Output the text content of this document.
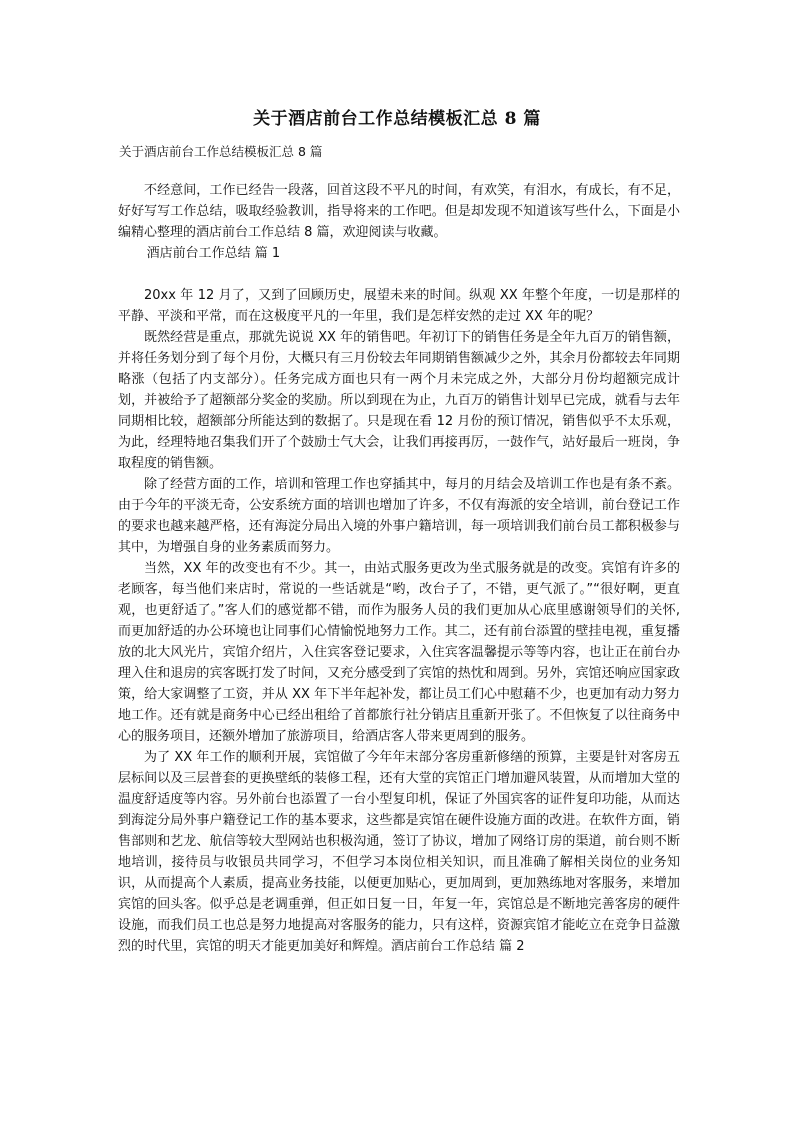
关于酒店前台工作总结模板汇总 8 篇
关于酒店前台工作总结模板汇总 8 篇

不经意间，工作已经告一段落，回首这段不平凡的时间，有欢笑，有泪水，有成长，有不足，好好写写工作总结，吸取经验教训，指导将来的工作吧。但是却发现不知道该写些什么，下面是小编精心整理的酒店前台工作总结 8 篇，欢迎阅读与收藏。

酒店前台工作总结 篇 1

20xx 年 12 月了，又到了回顾历史，展望未来的时间。纵观 XX 年整个年度，一切是那样的平静、平淡和平常，而在这极度平凡的一年里，我们是怎样安然的走过 XX 年的呢？

既然经营是重点，那就先说说 XX 年的销售吧。年初订下的销售任务是全年九百万的销售额，并将任务划分到了每个月份，大概只有三月份较去年同期销售额减少之外，其余月份都较去年同期略涨（包括了内支部分）。任务完成方面也只有一两个月未完成之外，大部分月份均超额完成计划，并被给予了超额部分奖金的奖励。所以到现在为止，九百万的销售计划早已完成，就看与去年同期相比较，超额部分所能达到的数据了。只是现在看 12 月份的预订情况，销售似乎不太乐观，为此，经理特地召集我们开了个鼓励士气大会，让我们再接再厉，一鼓作气，站好最后一班岗，争取程度的销售额。

除了经营方面的工作，培训和管理工作也穿插其中，每月的月结会及培训工作也是有条不紊。由于今年的平淡无奇，公安系统方面的培训也增加了许多，不仅有海派的安全培训，前台登记工作的要求也越来越严格，还有海淀分局出入境的外事户籍培训，每一项培训我们前台员工都积极参与其中，为增强自身的业务素质而努力。

当然，XX 年的改变也有不少。其一，由站式服务更改为坐式服务就是的改变。宾馆有许多的老顾客，每当他们来店时，常说的一些话就是“哟，改台子了，不错，更气派了。”“很好啊，更直观，也更舒适了。”客人们的感觉都不错，而作为服务人员的我们更加从心底里感谢领导们的关怀,而更加舒适的办公环境也让同事们心情愉悦地努力工作。其二，还有前台添置的壁挂电视，重复播放的北大风光片，宾馆介绍片，入住宾客登记要求，入住宾客温馨提示等等内容，也让正在前台办理入住和退房的宾客既打发了时间，又充分感受到了宾馆的热忱和周到。另外，宾馆还响应国家政策，给大家调整了工资，并从 XX 年下半年起补发，都让员工们心中慰藉不少，也更加有动力努力地工作。还有就是商务中心已经出租给了首都旅行社分销店且重新开张了。不但恢复了以往商务中心的服务项目，还额外增加了旅游项目，给酒店客人带来更周到的服务。

为了 XX 年工作的顺利开展，宾馆做了今年年末部分客房重新修缮的预算，主要是针对客房五层标间以及三层普套的更换壁纸的装修工程，还有大堂的宾馆正门增加避风装置，从而增加大堂的温度舒适度等内容。另外前台也添置了一台小型复印机，保证了外国宾客的证件复印功能，从而达到海淀分局外事户籍登记工作的基本要求，这些都是宾馆在硬件设施方面的改进。在软件方面，销售部则和艺龙、航信等较大型网站也积极沟通，签订了协议，增加了网络订房的渠道，前台则不断地培训，接待员与收银员共同学习，不但学习本岗位相关知识，而且准确了解相关岗位的业务知识，从而提高个人素质，提高业务技能，以便更加贴心，更加周到，更加熟练地对客服务，来增加宾馆的回头客。似乎总是老调重弹，但正如日复一日，年复一年，宾馆总是不断地完善客房的硬件设施，而我们员工也总是努力地提高对客服务的能力，只有这样，资源宾馆才能屹立在竞争日益激烈的时代里，宾馆的明天才能更加美好和辉煌。酒店前台工作总结 篇 2
